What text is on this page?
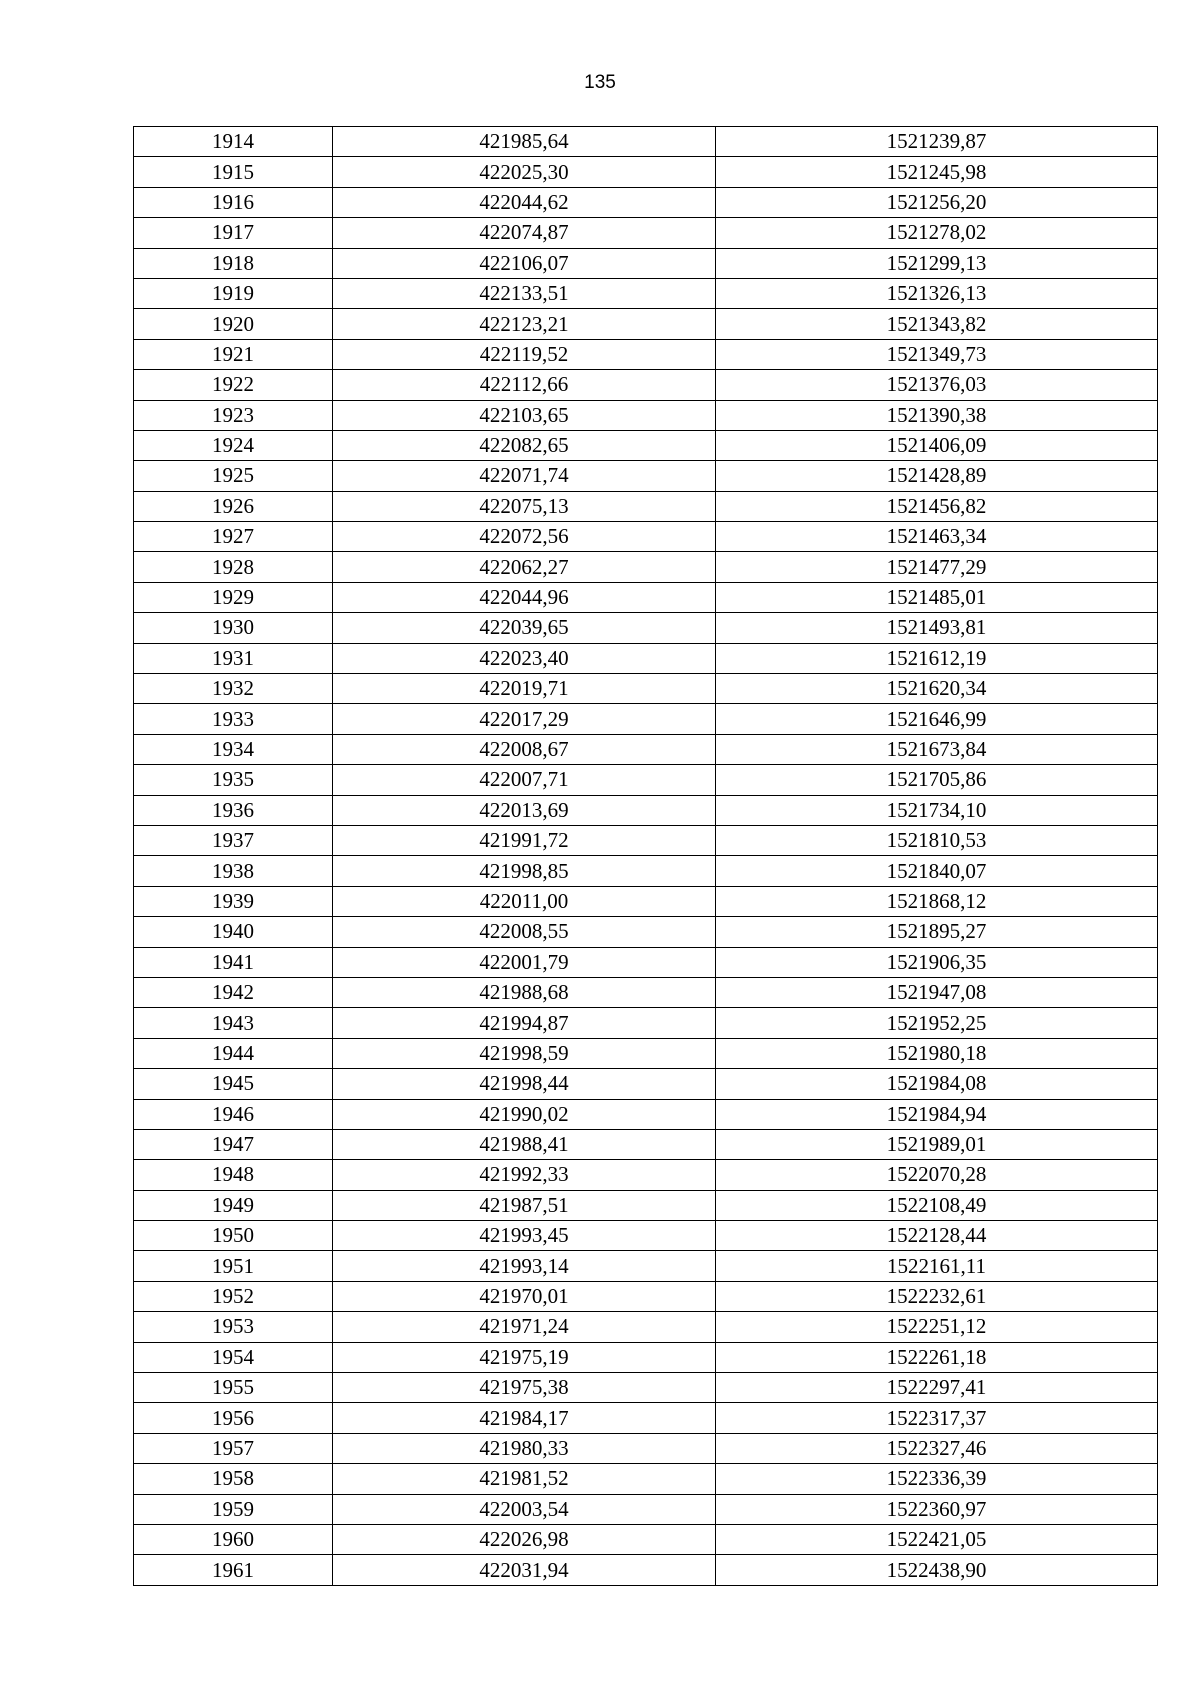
135
1914	421985,64	1521239,87
1915	422025,30	1521245,98
1916	422044,62	1521256,20
1917	422074,87	1521278,02
1918	422106,07	1521299,13
1919	422133,51	1521326,13
1920	422123,21	1521343,82
1921	422119,52	1521349,73
1922	422112,66	1521376,03
1923	422103,65	1521390,38
1924	422082,65	1521406,09
1925	422071,74	1521428,89
1926	422075,13	1521456,82
1927	422072,56	1521463,34
1928	422062,27	1521477,29
1929	422044,96	1521485,01
1930	422039,65	1521493,81
1931	422023,40	1521612,19
1932	422019,71	1521620,34
1933	422017,29	1521646,99
1934	422008,67	1521673,84
1935	422007,71	1521705,86
1936	422013,69	1521734,10
1937	421991,72	1521810,53
1938	421998,85	1521840,07
1939	422011,00	1521868,12
1940	422008,55	1521895,27
1941	422001,79	1521906,35
1942	421988,68	1521947,08
1943	421994,87	1521952,25
1944	421998,59	1521980,18
1945	421998,44	1521984,08
1946	421990,02	1521984,94
1947	421988,41	1521989,01
1948	421992,33	1522070,28
1949	421987,51	1522108,49
1950	421993,45	1522128,44
1951	421993,14	1522161,11
1952	421970,01	1522232,61
1953	421971,24	1522251,12
1954	421975,19	1522261,18
1955	421975,38	1522297,41
1956	421984,17	1522317,37
1957	421980,33	1522327,46
1958	421981,52	1522336,39
1959	422003,54	1522360,97
1960	422026,98	1522421,05
1961	422031,94	1522438,90
